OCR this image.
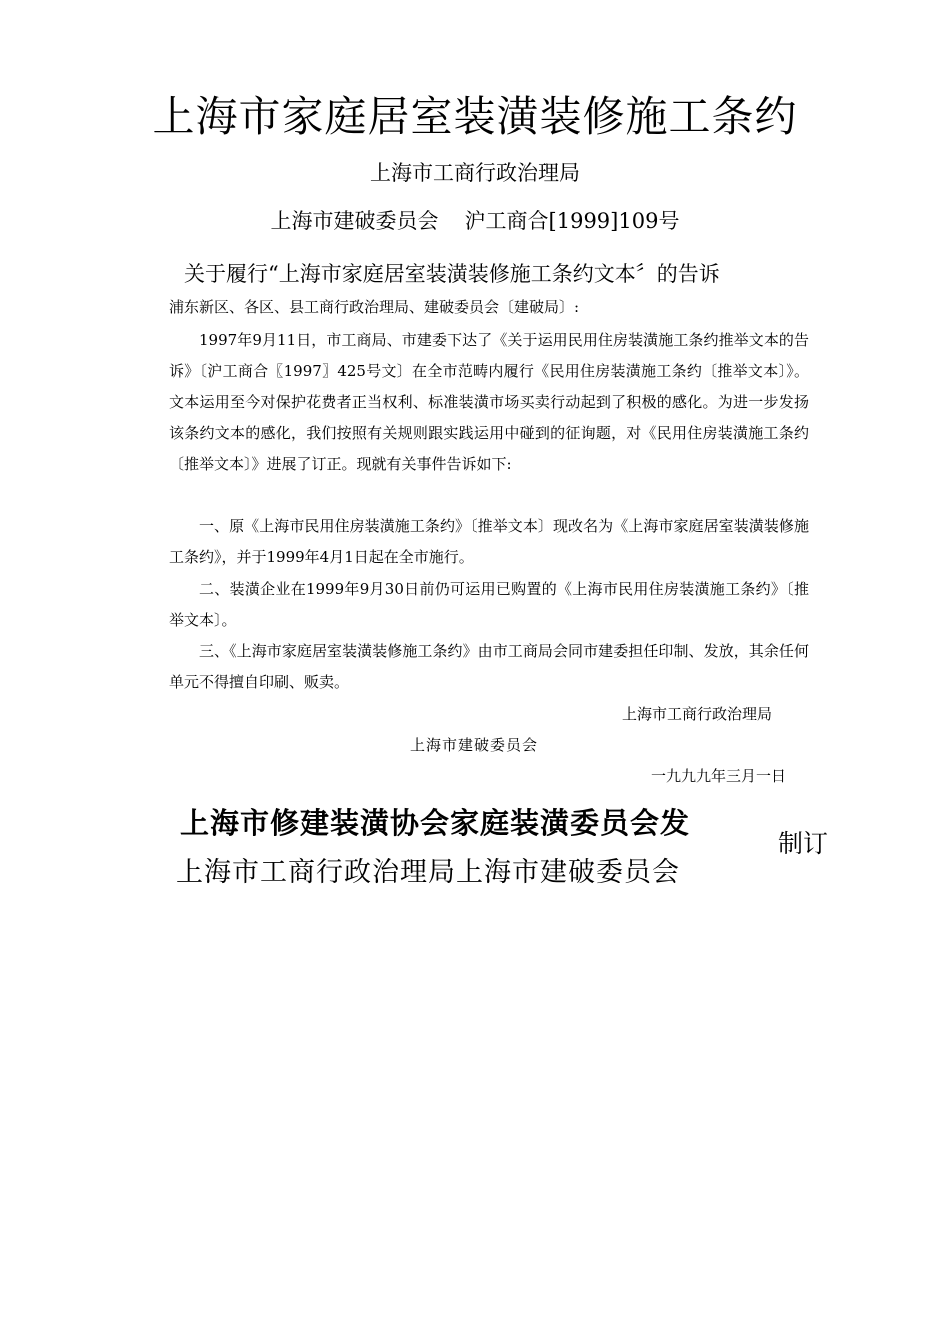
上海市家庭居室装潢装修施工条约
上海市工商行政治理局
上海市建破委员会 沪工商合[1999]109号
关于履行“上海市家庭居室装潢装修施工条约文本〞的告诉
浦东新区、各区、县工商行政治理局、建破委员会〔建破局〕:
1997年9月11日，市工商局、市建委下达了《关于运用民用住房装潢施工条约推举文本的告诉》〔沪工商合〖1997〗425号文〕在全市范畴内履行《民用住房装潢施工条约〔推举文本〕》。文本运用至今对保护花费者正当权利、标准装潢市场买卖行动起到了积极的感化。为进一步发扬该条约文本的感化，我们按照有关规则跟实践运用中碰到的征询题，对《民用住房装潢施工条约〔推举文本〕》进展了订正。现就有关事件告诉如下:
一、原《上海市民用住房装潢施工条约》〔推举文本〕现改名为《上海市家庭居室装潢装修施工条约》，并于1999年4月1日起在全市施行。
二、装潢企业在1999年9月30日前仍可运用已购置的《上海市民用住房装潢施工条约》〔推举文本〕。
三、《上海市家庭居室装潢装修施工条约》由市工商局会同市建委担任印制、发放，其余任何单元不得擅自印刷、贩卖。
上海市工商行政治理局
上海市建破委员会
一九九九年三月一日
上海市修建装潢协会家庭装潢委员会发
制订
上海市工商行政治理局上海市建破委员会
